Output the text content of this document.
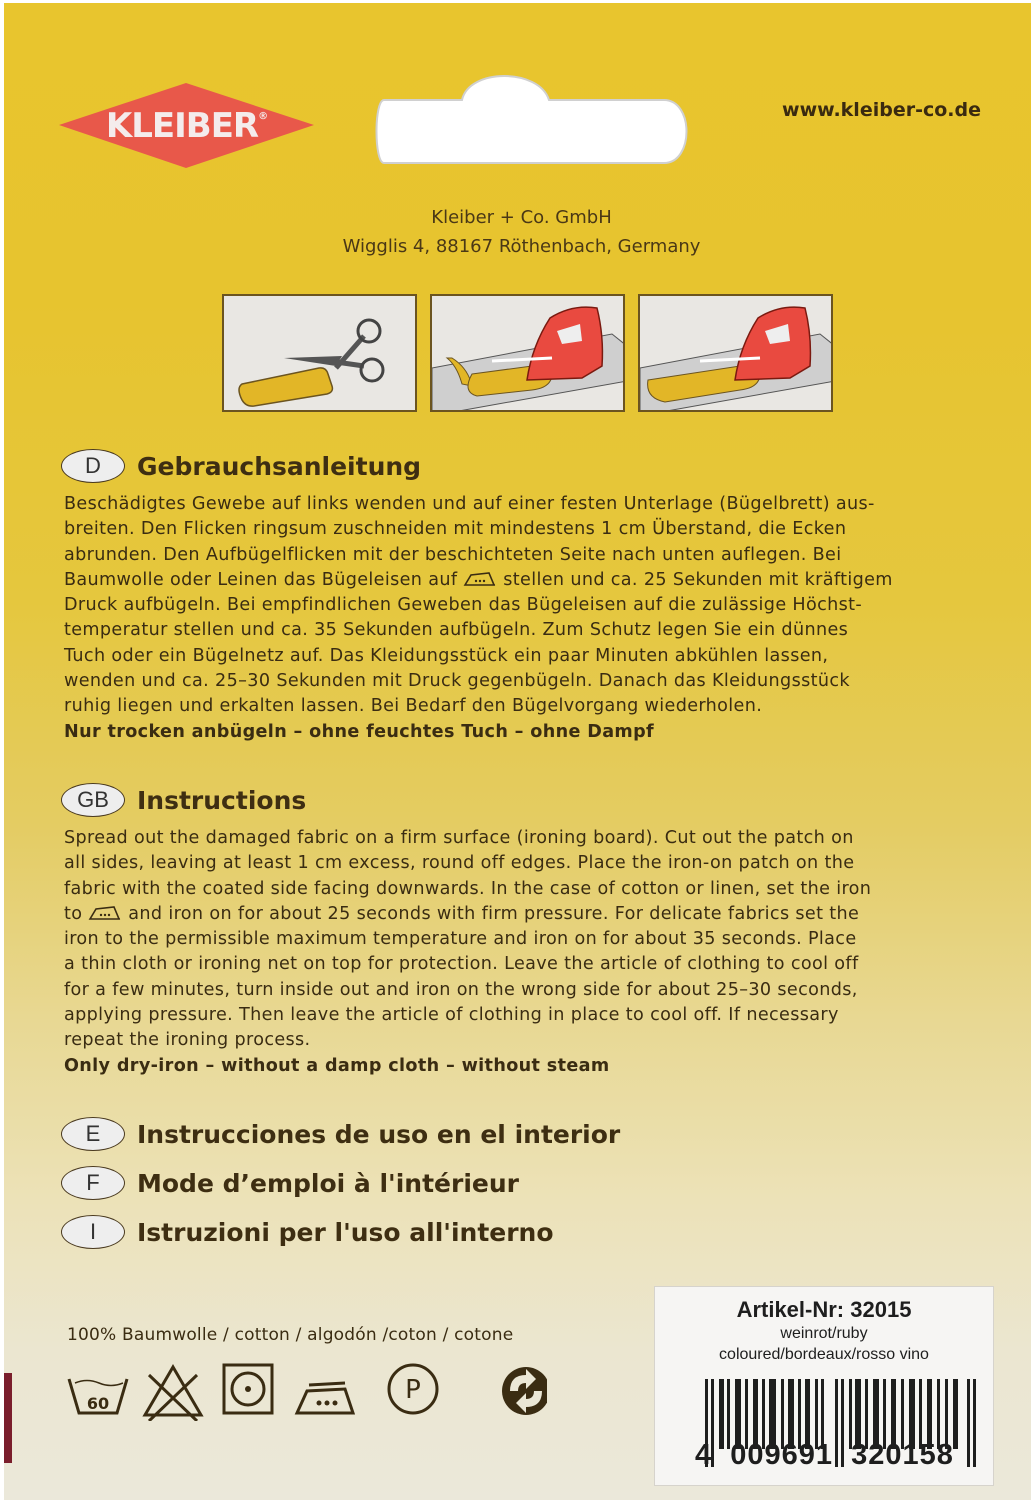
KLEIBER ®	www.kleiber-co.de
Kleiber + Co. GmbH
Wigglis 4, 88167 Röthenbach, Germany
D	Gebrauchsanleitung
Beschädigtes Gewebe auf links wenden und auf einer festen Unterlage (Bügelbrett) aus-
breiten. Den Flicken ringsum zuschneiden mit mindestens 1 cm Überstand, die Ecken
abrunden. Den Aufbügelflicken mit der beschichteten Seite nach unten auflegen. Bei
Baumwolle oder Leinen das Bügeleisen auf	stellen und ca. 25 Sekunden mit kräftigem
Druck aufbügeln. Bei empfindlichen Geweben das Bügeleisen auf die zulässige Höchst-
temperatur stellen und ca. 35 Sekunden aufbügeln. Zum Schutz legen Sie ein dünnes
Tuch oder ein Bügelnetz auf. Das Kleidungsstück ein paar Minuten abkühlen lassen,
wenden und ca. 25–30 Sekunden mit Druck gegenbügeln. Danach das Kleidungsstück
ruhig liegen und erkalten lassen. Bei Bedarf den Bügelvorgang wiederholen.
Nur trocken anbügeln – ohne feuchtes Tuch – ohne Dampf
GB	Instructions
Spread out the damaged fabric on a firm surface (ironing board). Cut out the patch on
all sides, leaving at least 1 cm excess, round off edges. Place the iron-on patch on the
fabric with the coated side facing downwards. In the case of cotton or linen, set the iron
to	and iron on for about 25 seconds with firm pressure. For delicate fabrics set the
iron to the permissible maximum temperature and iron on for about 35 seconds. Place
a thin cloth or ironing net on top for protection. Leave the article of clothing to cool off
for a few minutes, turn inside out and iron on the wrong side for about 25–30 seconds,
applying pressure. Then leave the article of clothing in place to cool off. If necessary
repeat the ironing process.
Only dry-iron – without a damp cloth – without steam
E	Instrucciones de uso en el interior
F	Mode d’emploi à l'intérieur
I	Istruzioni per l'uso all'interno
100% Baumwolle / cotton / algodón /coton / cotone
60	P
Artikel-Nr: 32015
weinrot/ruby
coloured/bordeaux/rosso vino
4  009691  320158
